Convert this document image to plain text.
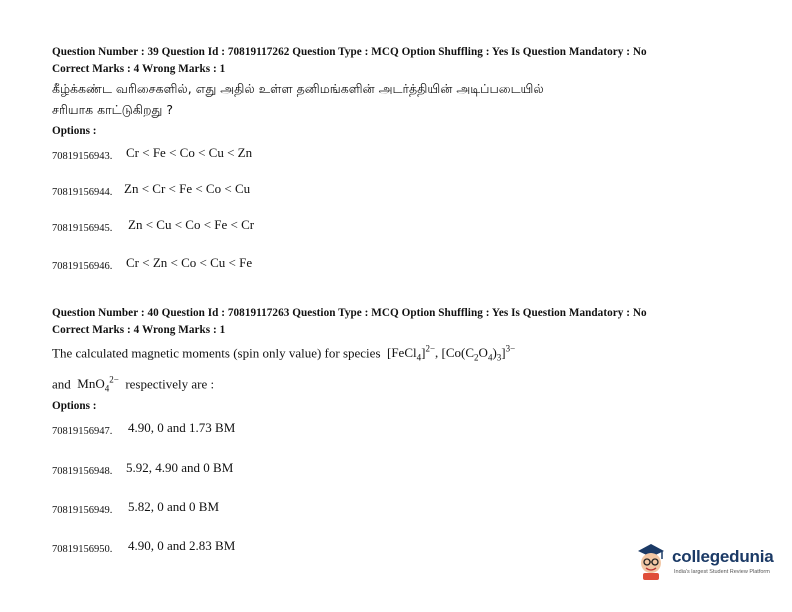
Question Number : 39 Question Id : 70819117262 Question Type : MCQ Option Shuffling : Yes Is Question Mandatory : No
Correct Marks : 4 Wrong Marks : 1
கீழ்க்கண்ட வரிசைகளில், எது அதில் உள்ள தனிமங்களின் அடர்த்தியின் அடிப்படையில்
சரியாக காட்டுகிறது ?
Options :
70819156943. Cr < Fe < Co < Cu < Zn
70819156944. Zn < Cr < Fe < Co < Cu
70819156945. Zn < Cu < Co < Fe < Cr
70819156946. Cr < Zn < Co < Cu < Fe
Question Number : 40 Question Id : 70819117263 Question Type : MCQ Option Shuffling : Yes Is Question Mandatory : No
Correct Marks : 4 Wrong Marks : 1
The calculated magnetic moments (spin only value) for species  [FeCl$_4$]$^{2-}$, $[Co(C_2O_4)_3]^{3-}$
and  MnO$_4^{2-}$ respectively are :
Options :
70819156947. 4.90, 0 and 1.73 BM
70819156948. 5.92, 4.90 and 0 BM
70819156949. 5.82, 0 and 0 BM
70819156950. 4.90, 0 and 2.83 BM
collegedunia
India's largest Student Review Platform
